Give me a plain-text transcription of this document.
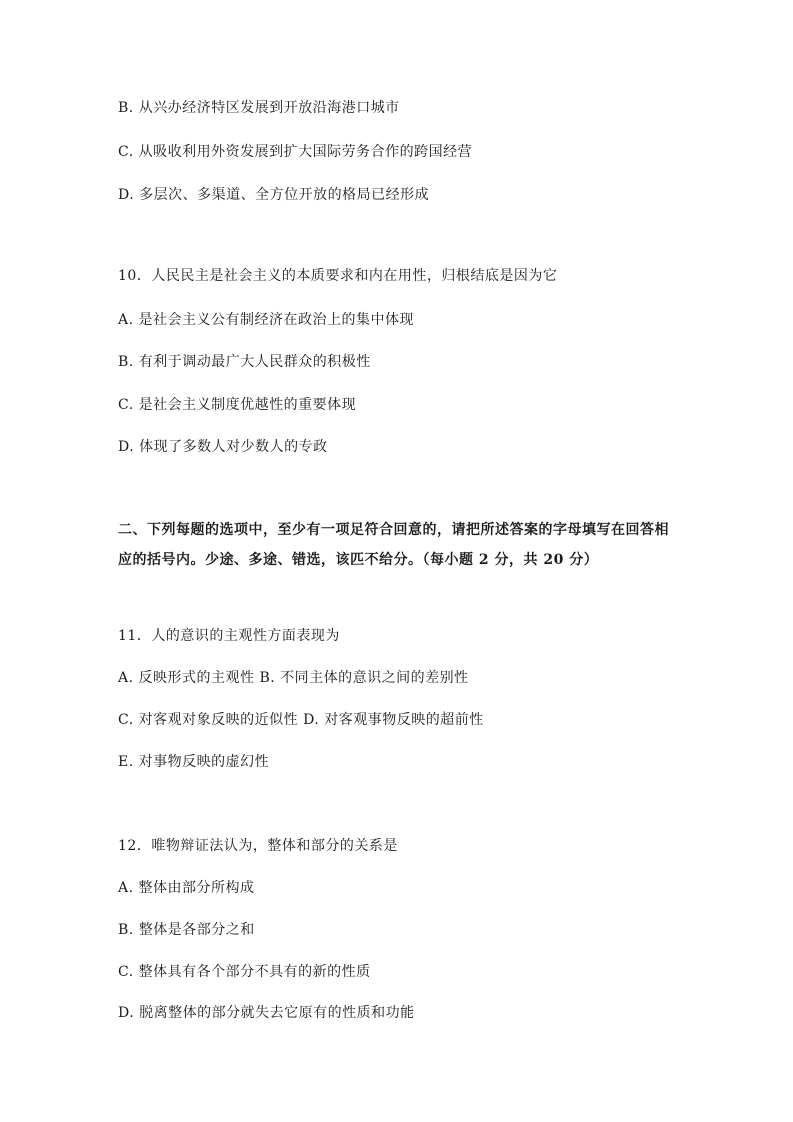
B. 从兴办经济特区发展到开放沿海港口城市
C. 从吸收利用外资发展到扩大国际劳务合作的跨国经营
D. 多层次、多渠道、全方位开放的格局已经形成
10．人民民主是社会主义的本质要求和内在用性，归根结底是因为它
A. 是社会主义公有制经济在政治上的集中体现
B. 有利于调动最广大人民群众的积极性
C. 是社会主义制度优越性的重要体现
D. 体现了多数人对少数人的专政
二、下列每题的选项中，至少有一项足符合回意的，请把所述答案的字母填写在回答相
应的括号内。少途、多途、错选，该匹不给分。（每小题 2 分，共 20 分）
11．人的意识的主观性方面表现为
A. 反映形式的主观性 B. 不同主体的意识之间的差别性
C. 对客观对象反映的近似性 D. 对客观事物反映的超前性
E. 对事物反映的虚幻性
12．唯物辩证法认为，整体和部分的关系是
A. 整体由部分所构成
B. 整体是各部分之和
C. 整体具有各个部分不具有的新的性质
D. 脱离整体的部分就失去它原有的性质和功能
